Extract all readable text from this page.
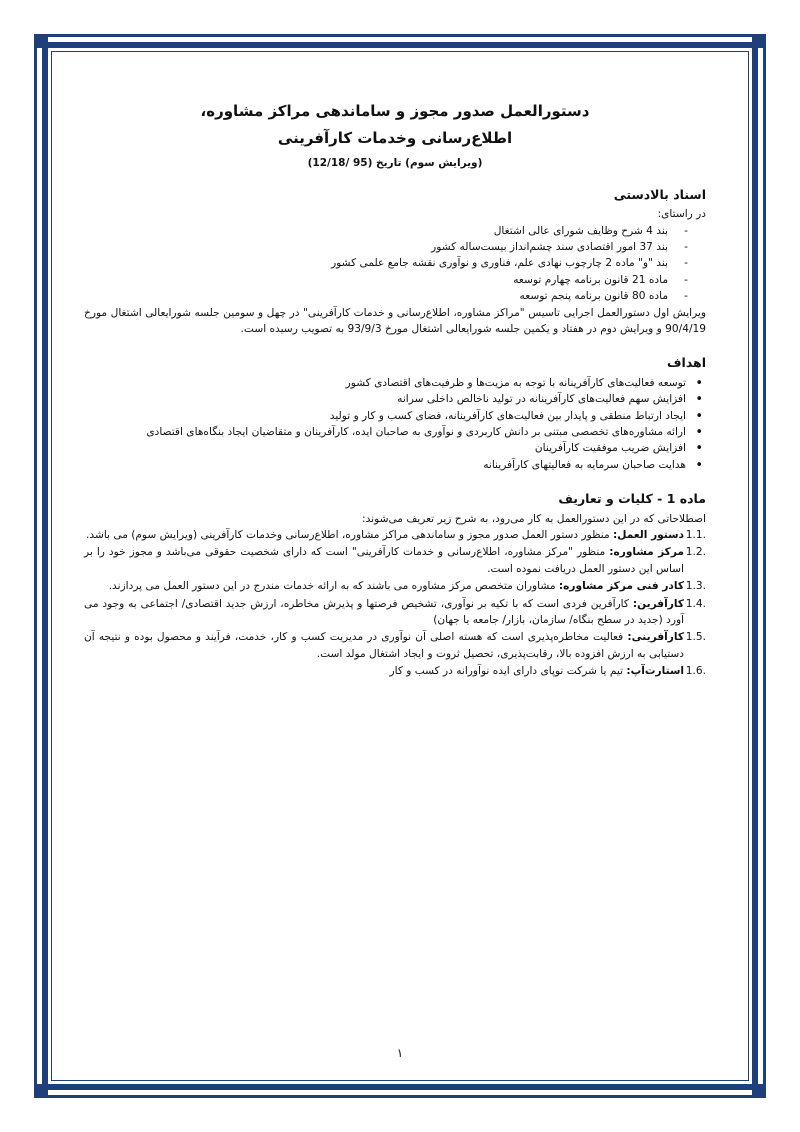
دستورالعمل صدور مجوز و ساماندهی مراکز مشاوره،
اطلاع‌رسانی وخدمات کارآفرینی
(ویرایش سوم) تاریخ (95 /12/18)
اسناد بالادستی

در راستای:

- بند 4 شرح وظایف شورای عالی اشتغال
- بند 37 امور اقتصادی سند چشم‌انداز بیست‌ساله کشور
- بند "و" ماده 2 چارچوب نهادی علم، فناوری و نوآوری نقشه جامع علمی کشور
- ماده 21 قانون برنامه چهارم توسعه
- ماده 80 قانون برنامه پنجم توسعه

ویرایش اول دستورالعمل اجرایی تاسیس "مراکز مشاوره، اطلاع‌رسانی و خدمات کارآفرینی" در چهل و سومین جلسه شورایعالی اشتغال مورخ 90/4/19 و ویرایش دوم در هفتاد و یکمین جلسه شورایعالی اشتغال مورخ 93/9/3 به تصویب رسیده است.

اهداف
• توسعه فعالیت‌های کارآفرینانه با توجه به مزیت‌ها و ظرفیت‌های اقتصادی کشور
• افزایش سهم فعالیت‌های کارآفرینانه در تولید ناخالص داخلی سرانه
• ایجاد ارتباط منطقی و پایدار بین فعالیت‌های کارآفرینانه، فضای کسب و کار و تولید
• ارائه مشاوره‌های تخصصی مبتنی بر دانش کاربردی و نوآوری به صاحبان ایده، کارآفرینان و متقاضیان ایجاد بنگاه‌های اقتصادی
• افزایش ضریب موفقیت کارآفرینان
• هدایت صاحبان سرمایه به فعالیتهای کارآفرینانه
ماده 1 - کلیات و تعاریف

اصطلاحاتی که در این دستورالعمل به کار می‌رود، به شرح زیر تعریف می‌شوند:

1.1.
دستور العمل: منظور دستور العمل صدور مجوز و ساماندهی مراکز مشاوره، اطلاع‌رسانی وخدمات کارآفرینی (ویرایش سوم) می باشد.
1.2.
مرکز مشاوره: منظور "مرکز مشاوره، اطلاع‌رسانی و خدمات کارآفرینی" است که دارای شخصیت حقوقی می‌باشد و مجوز خود را بر اساس این دستور العمل دریافت نموده است.
1.3.
کادر فنی مرکز مشاوره: مشاوران متخصص مرکز مشاوره می باشند که به ارائه خدمات مندرج در این دستور العمل می پردازند.
1.4.
کارآفرین: کارآفرین فردی است که با تکیه بر نوآوری، تشخیص فرصتها و پذیرش مخاطره، ارزش جدید اقتصادی/ اجتماعی به وجود می آورد (جدید در سطح بنگاه/ سازمان، بازار/ جامعه یا جهان)
1.5.
کارآفرینی: فعالیت مخاطره‌پذیری است که هسته اصلی آن نوآوری در مدیریت کسب و کار، خدمت، فرآیند و محصول بوده و نتیجه آن دستیابی به ارزش افزوده بالا، رقابت‌پذیری، تحصیل ثروت و ایجاد اشتغال مولد است.
1.6.
استارت‌آپ: تیم یا شرکت نوپای دارای ایده نوآورانه در کسب و کار
۱
